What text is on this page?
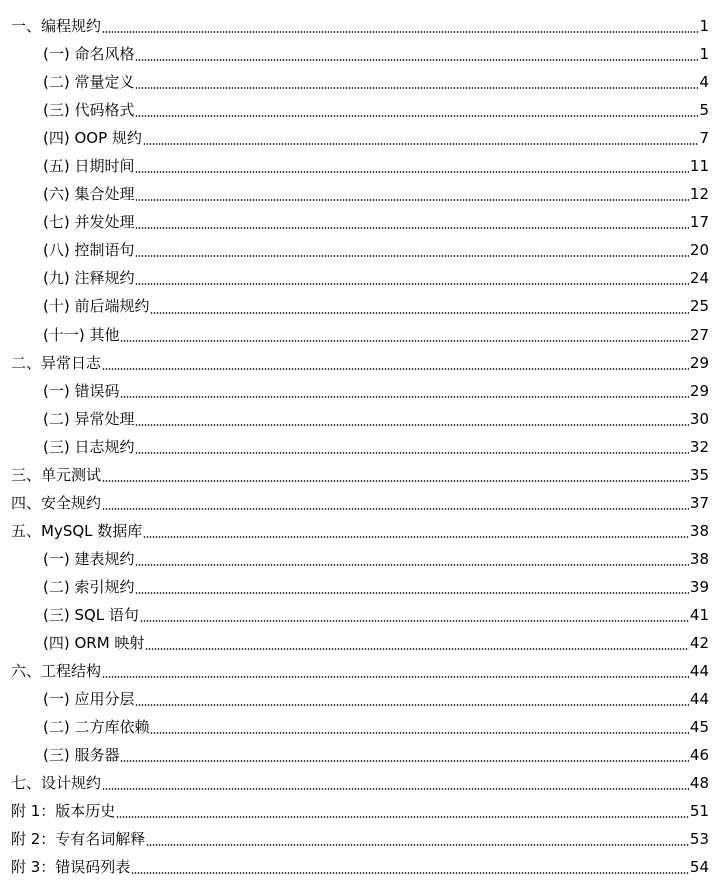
一、编程规约	1
(一) 命名风格	1
(二) 常量定义	4
(三) 代码格式	5
(四) OOP 规约	7
(五) 日期时间	11
(六) 集合处理	12
(七) 并发处理	17
(八) 控制语句	20
(九) 注释规约	24
(十) 前后端规约	25
(十一) 其他	27
二、异常日志	29
(一) 错误码	29
(二) 异常处理	30
(三) 日志规约	32
三、单元测试	35
四、安全规约	37
五、MySQL 数据库	38
(一) 建表规约	38
(二) 索引规约	39
(三) SQL 语句	41
(四) ORM 映射	42
六、工程结构	44
(一) 应用分层	44
(二) 二方库依赖	45
(三) 服务器	46
七、设计规约	48
附 1：版本历史	51
附 2：专有名词解释	53
附 3：错误码列表	54
